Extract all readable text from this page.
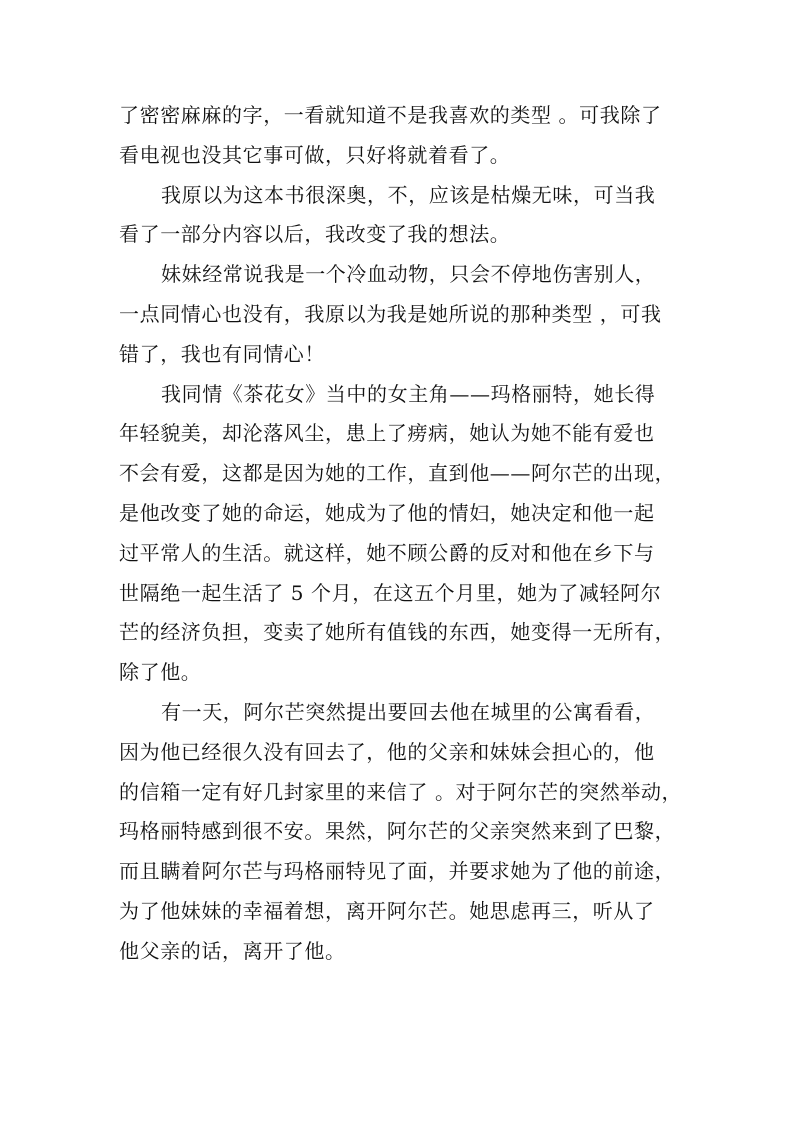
了密密麻麻的字，一看就知道不是我喜欢的类型 。可我除了
看电视也没其它事可做，只好将就着看了。
我原以为这本书很深奥，不，应该是枯燥无味，可当我
看了一部分内容以后，我改变了我的想法。
妹妹经常说我是一个冷血动物，只会不停地伤害别人，
一点同情心也没有，我原以为我是她所说的那种类型 ，可我
错了，我也有同情心！
我同情《茶花女》当中的女主角——玛格丽特，她长得
年轻貌美，却沦落风尘，患上了痨病，她认为她不能有爱也
不会有爱，这都是因为她的工作，直到他——阿尔芒的出现，
是他改变了她的命运，她成为了他的情妇，她决定和他一起
过平常人的生活。就这样，她不顾公爵的反对和他在乡下与
世隔绝一起生活了 5 个月，在这五个月里，她为了减轻阿尔
芒的经济负担，变卖了她所有值钱的东西，她变得一无所有，
除了他。
有一天，阿尔芒突然提出要回去他在城里的公寓看看，
因为他已经很久没有回去了，他的父亲和妹妹会担心的，他
的信箱一定有好几封家里的来信了 。对于阿尔芒的突然举动，
玛格丽特感到很不安。果然，阿尔芒的父亲突然来到了巴黎，
而且瞒着阿尔芒与玛格丽特见了面，并要求她为了他的前途，
为了他妹妹的幸福着想，离开阿尔芒。她思虑再三，听从了
他父亲的话，离开了他。
